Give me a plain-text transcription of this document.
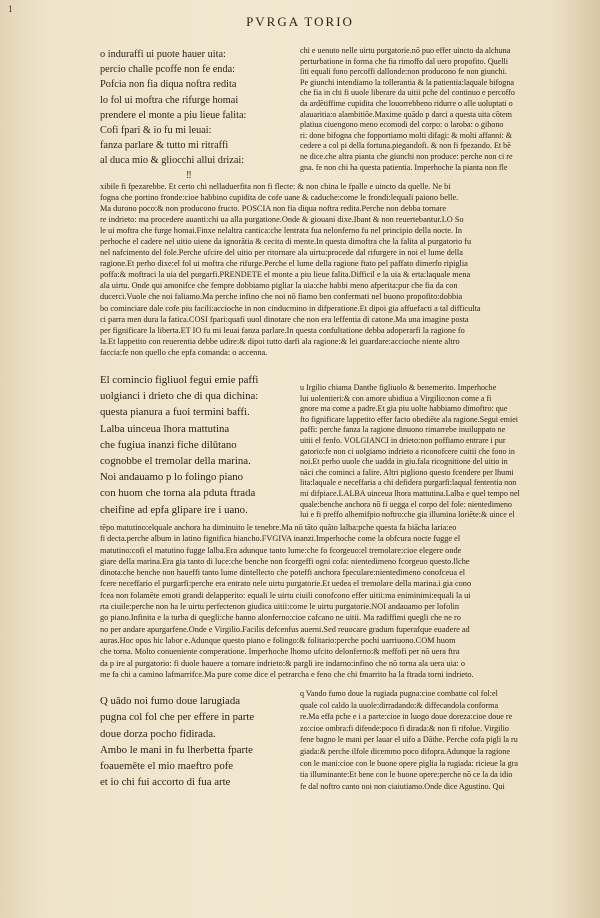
1
PVRGA TORIO
o induraffi ui puote hauer uita:
percio challe pcoffe non fe enda:
Pofcia non fia diqua noftra redita
lo fol ui moftra che rifurge homai
prendere el monte a piu lieue falita:
Cofi fpari & io fu mi leuai:
fanza parlare & tutto mi ritraffi
al duca mio & gliocchi allui drizai:
‼
chi e uenuto nelle uirtu purgatorie.nō puo effer uincto da alchuna
perturbatione in forma che fia rimoffo dal uero propofito. Quelli
ſiti equali fono percoffi dallonde:non producono fe non giunchi.
Pe giunchi intendiamo la tollerantia & la patientia:laquale bifogna
che fia in chi fi uuole liberare da uitii pche del continuo e percoffo
da ardētiffime cupidita che louorrebbeno ridurre o alle uoluptati o
alauaritia:o alambitiōe.Maxime quādo p darci a questa uita cōtem
platiua ciuengono meno ecomodi del corpo: o laroba: o gihono
ri: done bifogna che fopportiamo molti difagi: & molti affanni: &
cedere a col pi della fortuna.piegandofi. & non fi fpezando. Et bē
ne dice.che altra pianta che giunchi non produce: perche non ci re
gna. fe non chi ha questa patientia. Imperhoche la pianta non fle
xibile fi fpezarebbe. Et certo chi nelladuerfita non fi flecte: & non china le fpalle e uincto da quelle. Ne bi
fogna che portino fronde:cioe habbino cupidita de cofe uane & caduche:come le frondi:lequali paiono belle.
Ma durono poco:& non producono fructo. POSCIA non fia diqua noftra redita.Perche non debba tornare
re indrieto: ma procedere auanti:chi ua alla purgatione.Onde & giouani dixe.Ibant & non reuertebantur.LO So
le ui moftra che furge homai.Finxe nelaltra cantica:che lentrata fua nelonferno fu nel principio della nocte. In
perhoche el cadere nel uitio uiene da ignorātia & cecita di mente.In questa dimoftra che la falita al purgatorio fu
nel nafcimento del fole.Perche ufcire del uitio per ritornare ala uirtu:procede dal rifurgere in noi el lume della
ragione.Et perho dixe:el fol ui moftra che rifurge.Perche el lume della ragione ftato pel paffato dimerfo ripiglia
poffa:& moftraci la uia del purgarfi.PRENDETE el monte a piu lieue falita.Difficil e la uia & erta:laquale mena
ala uirtu. Onde qui amonifce che fempre dobbiamo pigliar la uia:che habbi meno afperita:pur che fia da con
ducerci.Vuole che noi faliamo.Ma perche infino che noi nō fiamo ben confermati nel buono propofito:dobbia
bo cominciare dale cofe piu facili:accioche in non cinducmino in difperatione.Et dipoi gia affuefacti a tal difficulta
ci parra men dura la fatica.COSI fpari:quafi uuol dinotare che non era leffentia di catone.Ma una imagine posta
per fignificare la liberta.ET IO fu mi leuai fanza parlare.In questa confultatione debba adoperarfi la ragione fo
la.Et lappetito con reuerentia debbe udire:& dipoi tutto darfi ala ragione:& lei guardare:accioche niente altro
faccia:fe non quello che epfa comanda: o accenna.
El comincio figliuol fegui emie paffi
uolgianci i drieto che di qua dichina:
questa pianura a fuoi termini baffi.
Lalba uinceua lhora mattutina
che fugiua inanzi fiche dilūtano
cognobbe el tremolar della marina.
Noi andauamo p lo folingo piano
con huom che torna ala pduta ftrada
cheifine ad epfa glipare ire i uano.
u Irgilio chiama Danthe figliuolo & benemerito. Imperhoche
lui uolentieri:& con amore ubidiua a Virgilio:non come a fi
gnore ma come a padre.Et gia piu uolte habbiamo dimoftro: que
fto fignificare lappetito effer facto obediēte ala ragione.Segui emiei
paffi: perche fanza la ragione dinuono rimarrebe inuiluppato ne
uitii el fenfo. VOLGIANCI in drieto:non poffiamo entrare i pur
gatorio:fe non ci uolgiamo indrieto a riconofcere cuitii che fono in
noi.Et perho uuole che uadda in giu.fala ricognitione del uitio in
nāci che cominci a falire. Altri pigliono questo fcendere per lhumi
lita:laquale e neceffaria a chi defidera purgarfi:laqual fententia non
mi difpiace.LALBA uinceua lhora mattutina.Lalba e quel tempo nel
quale:benche anchora nō fi uegga el corpo del fole: nientedimeno
lui e fi preffo alhemifpio noftro:che gia illumina loriēte:& uince el
tēpo matutino:elquale anchora ha diminuito le tenebre.Ma nō tāto quāto lalba:pche questa fa biācha laria:eo
fi decta.perche album in latino fignifica biancho.FVGIVA inanzi.Imperhoche come la obfcura nocte fugge el
matutino:cofi el matutino fugge lalba.Era adunque tanto lume:che fo fcorgeuo:el tremolare:cioe elegere onde
giare della marina.Era gia tanto di luce:che benche non fcorgeffi ogni cofa: nientedimeno fcorgeuo questo.llche
dinota:che benche non haueffi tanto lume dintellecto che poteffi anchora fpeculare:nientedimeno conofceua el
fcere neceffario el purgarfi:perche era entrato nele uirtu purgatorie.Et uedea el tremolare della marina.i gia cono
fcea non folamēte emoti grandi delapperito: equali le uirtu ciuili conofcono effer uitii:ma eniminimi:equali la ui
rta ciuile:perche non ha le uirtu perfectenon giudica uitii:come le uirtu purgatorie.NOI andauamo per lofolin
go piano.Infinita e la turba di quegli:che hanno alonferno:cioe cafcano ne uitii. Ma radiffimi quegli che ne ro
no per andare apurgarfene.Onde e Virgilio.Facilis defcenfus auerni.Sed reuocare gradum fuperafque euadere ad
auras.Hoc opus hic labor e.Adunque questo piano e folingo:& folitario:perche pochi uarriuono.COM huom
che torna. Molto conueniente comperatione. Imperhoche lhomo ufcito delonferno:& meffofi per nō uera ftra
da p ire al purgatorio: fi duole hauere a tornare indrieto:& pargli ire indarno:infino che nō torna ala uera uia: o
me fa chi a camino lafmarrifce.Ma pure come dice el petrarcha e feno che chi fmarrito ha la ftrada torni indrieto.
Q uādo noi fumo doue larugiada
pugna col fol che per effere in parte
doue dorza pocho fidirada.
Ambo le mani in fu lherbetta fparte
foauemēte el mio maeftro pofe
et io chi fui accorto di fua arte
q Vando fumo doue la rugiada pugna:cioe combatte col fol:el
quale col caldo la uuole:dirradando:& diffecandola conforma
re.Ma effa pche e i a parte:cioe in luogo doue doreza:cioe doue re
zo:cioe ombra:fi difende:poco fi dirada:& non fi rifolue. Virgilio
fene bagno le mani per lauar el uifo a Dāthe. Perche cofa pigli la ru
giada:& perche ilfole dicemmo poco difopra.Adunque la ragione
con le mani:cioe con le buone opere piglia la rugiada: ricieue la gra
tia illuminante:Et bene con le buone opere:perche nō ce la da idio
fe dal noftro canto noi non ciaiutiamo.Onde dice Agustino. Qui
